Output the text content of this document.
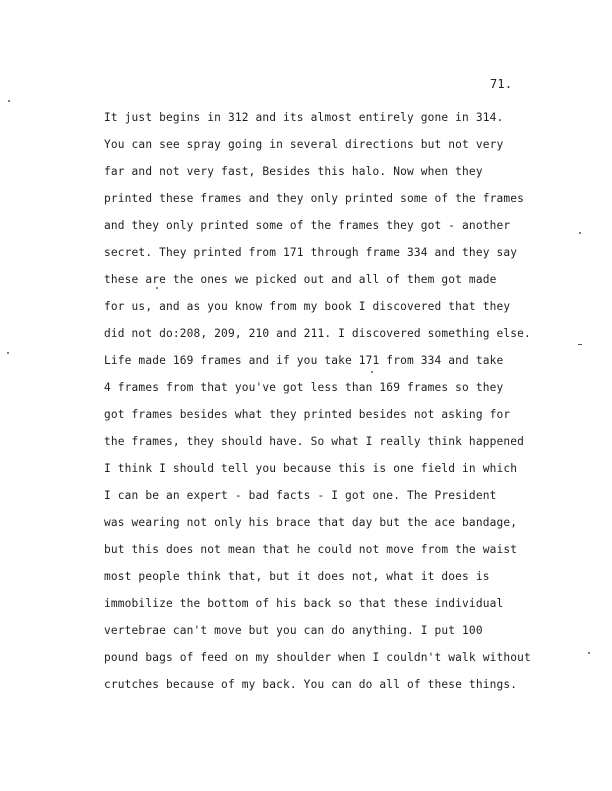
71.
It just begins in 312 and its almost entirely gone in 314.
You can see spray going in several directions but not very
far and not very fast, Besides this halo. Now when they
printed these frames and they only printed some of the frames
and they only printed some of the frames they got - another
secret. They printed from 171 through frame 334 and they say
these are the ones we picked out and all of them got made
for us, and as you know from my book I discovered that they
did not do:208, 209, 210 and 211. I discovered something else.
Life made 169 frames and if you take 171 from 334 and take
4 frames from that you've got less than 169 frames so they
got frames besides what they printed besides not asking for
the frames, they should have. So what I really think happened
I think I should tell you because this is one field in which
I can be an expert - bad facts - I got one. The President
was wearing not only his brace that day but the ace bandage,
but this does not mean that he could not move from the waist
most people think that, but it does not, what it does is
immobilize the bottom of his back so that these individual
vertebrae can't move but you can do anything. I put 100
pound bags of feed on my shoulder when I couldn't walk without
crutches because of my back. You can do all of these things.
